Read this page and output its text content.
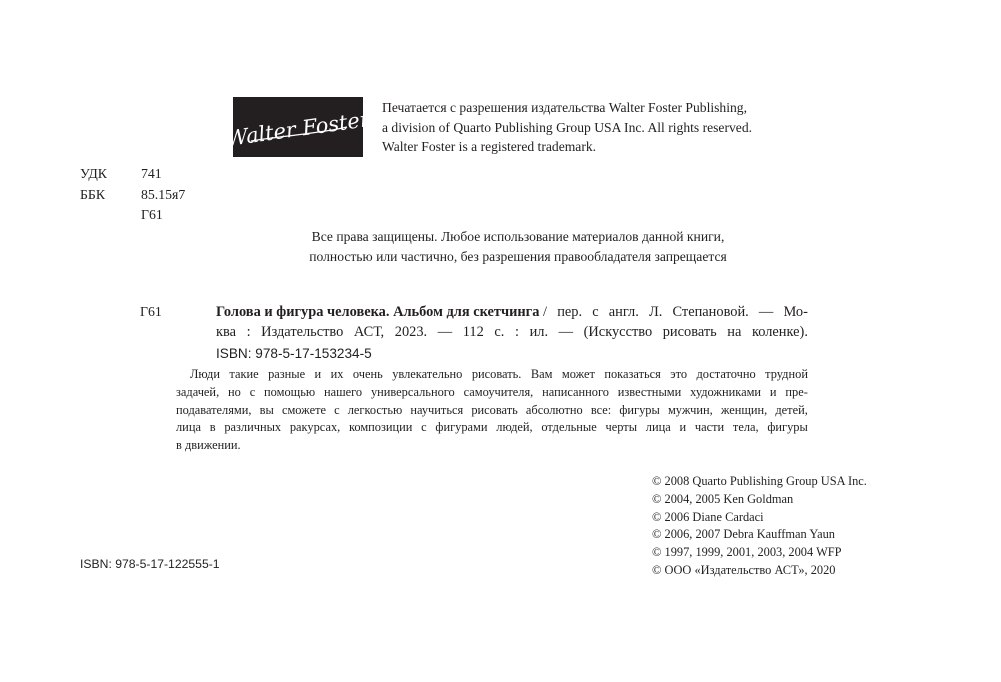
Walter Foster Печатается с разрешения издательства Walter Foster Publishing,
a division of Quarto Publishing Group USA Inc. All rights reserved.
Walter Foster is a registered trademark.
УДК	741
ББК	85.15я7
Г61
Все права защищены. Любое использование материалов данной книги,
полностью или частично, без разрешения правообладателя запрещается
Г61	Голова и фигура человека. Альбом для скетчинга / пер. с англ. Л. Степановой. — Мо-
ква : Издательство АСТ, 2023. — 112 с. : ил. — (Искусство рисовать на коленке).
ISBN: 978-5-17-153234-5
Люди такие разные и их очень увлекательно рисовать. Вам может показаться это достаточно трудной
задачей, но с помощью нашего универсального самоучителя, написанного известными художниками и пре-
подавателями, вы сможете с легкостью научиться рисовать абсолютно все: фигуры мужчин, женщин, детей,
лица в различных ракурсах, композиции с фигурами людей, отдельные черты лица и части тела, фигуры
в движении.
© 2008 Quarto Publishing Group USA Inc.
© 2004, 2005 Ken Goldman
© 2006 Diane Cardaci
© 2006, 2007 Debra Kauffman Yaun
© 1997, 1999, 2001, 2003, 2004 WFP
© ООО «Издательство АСТ», 2020
ISBN: 978-5-17-122555-1
